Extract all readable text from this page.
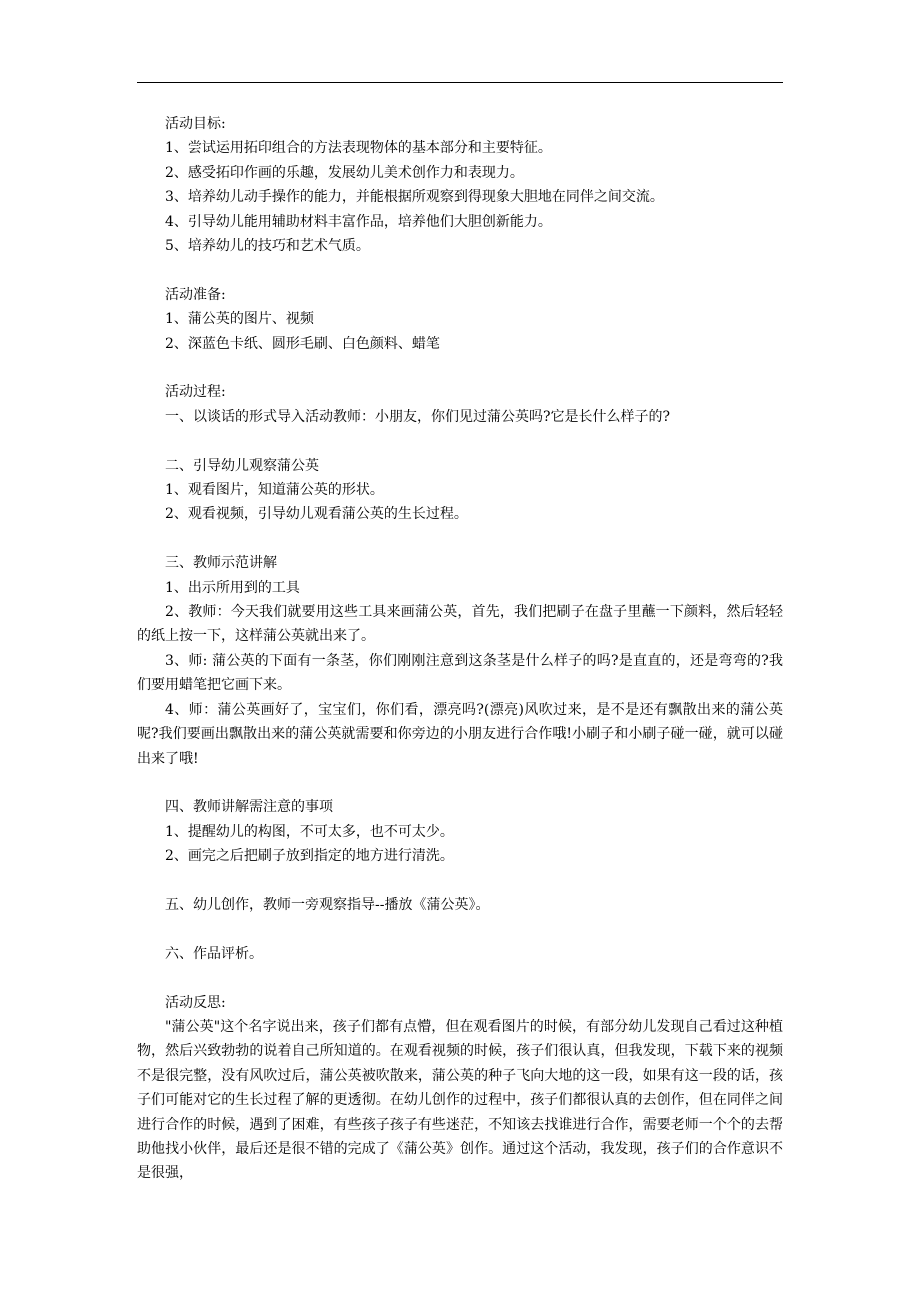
活动目标:

1、尝试运用拓印组合的方法表现物体的基本部分和主要特征。

2、感受拓印作画的乐趣，发展幼儿美术创作力和表现力。

3、培养幼儿动手操作的能力，并能根据所观察到得现象大胆地在同伴之间交流。

4、引导幼儿能用辅助材料丰富作品，培养他们大胆创新能力。

5、培养幼儿的技巧和艺术气质。

活动准备:

1、蒲公英的图片、视频

2、深蓝色卡纸、圆形毛刷、白色颜料、蜡笔

活动过程:

一、以谈话的形式导入活动教师：小朋友，你们见过蒲公英吗?它是长什么样子的?

二、引导幼儿观察蒲公英

1、观看图片，知道蒲公英的形状。

2、观看视频，引导幼儿观看蒲公英的生长过程。

三、教师示范讲解

1、出示所用到的工具

2、教师：今天我们就要用这些工具来画蒲公英，首先，我们把刷子在盘子里蘸一下颜料，然后轻轻的纸上按一下，这样蒲公英就出来了。

3、师: 蒲公英的下面有一条茎，你们刚刚注意到这条茎是什么样子的吗?是直直的，还是弯弯的?我们要用蜡笔把它画下来。

4、师：蒲公英画好了，宝宝们，你们看，漂亮吗?(漂亮)风吹过来，是不是还有飘散出来的蒲公英呢?我们要画出飘散出来的蒲公英就需要和你旁边的小朋友进行合作哦!小刷子和小刷子碰一碰，就可以碰出来了哦!

四、教师讲解需注意的事项

1、提醒幼儿的构图，不可太多，也不可太少。

2、画完之后把刷子放到指定的地方进行清洗。

五、幼儿创作，教师一旁观察指导--播放《蒲公英》。

六、作品评析。

活动反思:

"蒲公英"这个名字说出来，孩子们都有点懵，但在观看图片的时候，有部分幼儿发现自己看过这种植物，然后兴致勃勃的说着自己所知道的。在观看视频的时候，孩子们很认真，但我发现，下载下来的视频不是很完整，没有风吹过后，蒲公英被吹散来，蒲公英的种子飞向大地的这一段，如果有这一段的话，孩子们可能对它的生长过程了解的更透彻。在幼儿创作的过程中，孩子们都很认真的去创作，但在同伴之间进行合作的时候，遇到了困难，有些孩子孩子有些迷茫，不知该去找谁进行合作，需要老师一个个的去帮助他找小伙伴，最后还是很不错的完成了《蒲公英》创作。通过这个活动，我发现，孩子们的合作意识不是很强，
